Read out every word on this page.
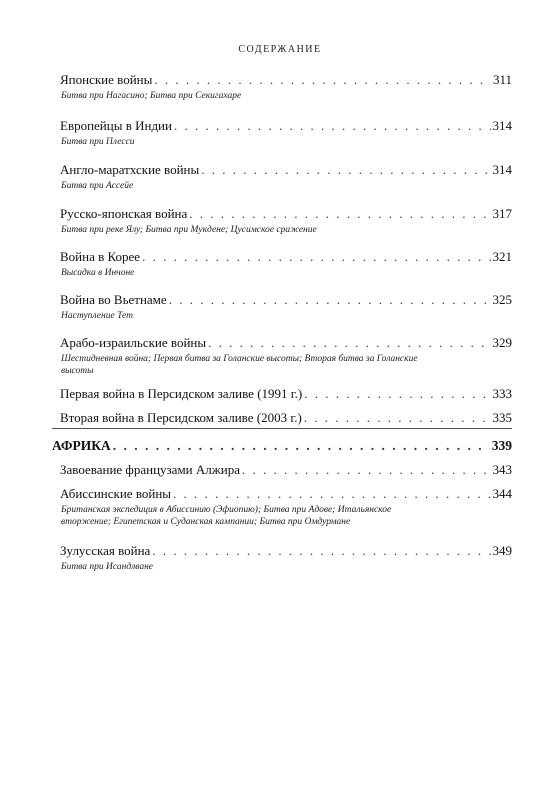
СОДЕРЖАНИЕ
Японские войны . . .	311
Битва при Нагасино; Битва при Секигахаре
Европейцы в Индии . . .	314
Битва при Плесси
Англо-маратхские войны . . .	314
Битва при Ассейе
Русско-японская война . . .	317
Битва при реке Ялу; Битва при Мукдене; Цусимское сражение
Война в Корее . . .	321
Высадка в Инчоне
Война во Вьетнаме . . .	325
Наступление Тет
Арабо-израильские войны . . .	329
Шестидневная война; Первая битва за Голанские высоты; Вторая битва за Голанские высоты
Первая война в Персидском заливе (1991 г.) . . .	333
Вторая война в Персидском заливе (2003 г.) . . .	335
АФРИКА . . .	339
Завоевание французами Алжира . . .	343
Абиссинские войны . . .	344
Британская экспедиция в Абиссинию (Эфиопию); Битва при Адове; Итальянское вторжение; Египетская и Суданская кампании; Битва при Омдурмане
Зулусская война . . .	349
Битва при Исандлване
